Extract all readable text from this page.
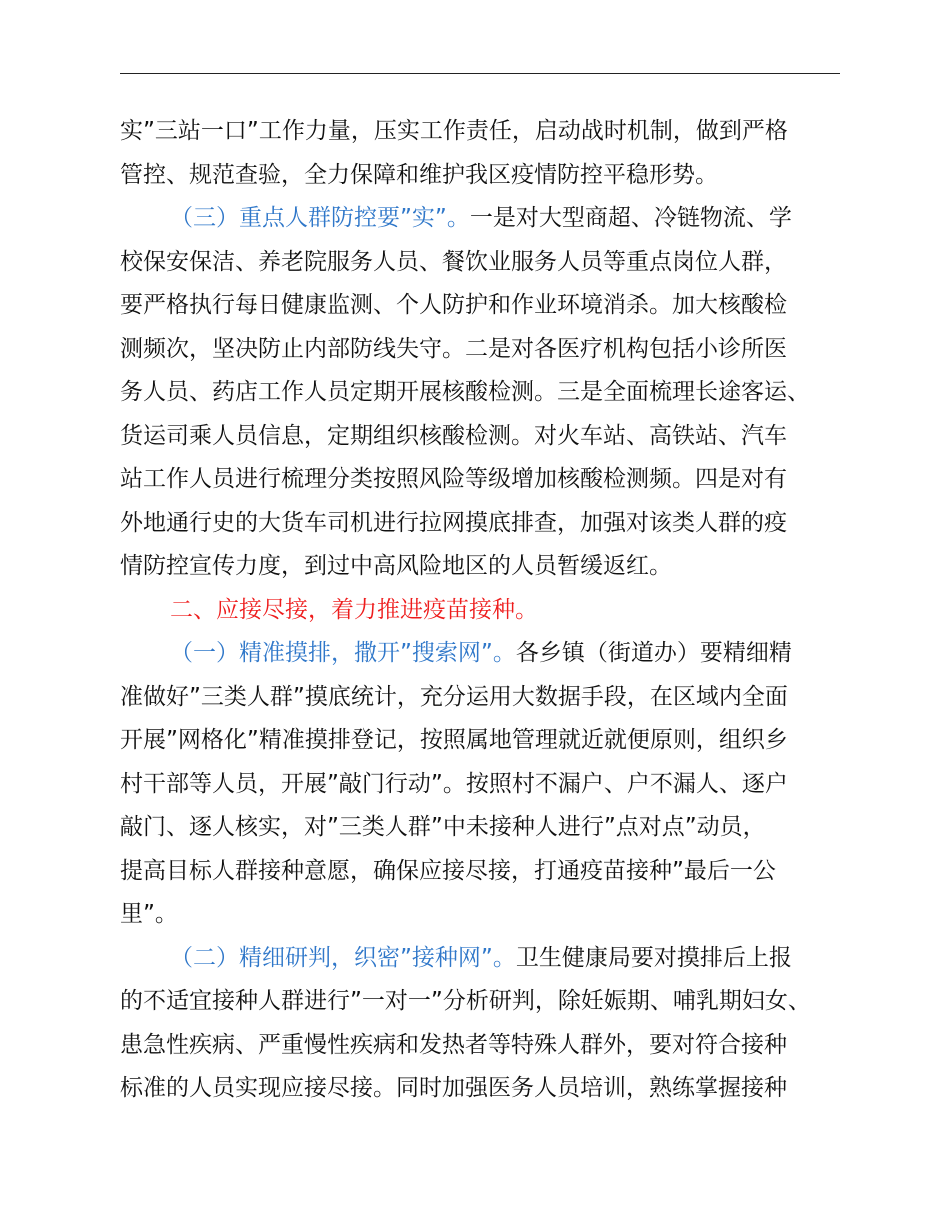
实”三站一口”工作力量，压实工作责任，启动战时机制，做到严格
管控、规范查验，全力保障和维护我区疫情防控平稳形势。
（三）重点人群防控要”实”。一是对大型商超、冷链物流、学
校保安保洁、养老院服务人员、餐饮业服务人员等重点岗位人群，
要严格执行每日健康监测、个人防护和作业环境消杀。加大核酸检
测频次，坚决防止内部防线失守。二是对各医疗机构包括小诊所医
务人员、药店工作人员定期开展核酸检测。三是全面梳理长途客运、
货运司乘人员信息，定期组织核酸检测。对火车站、高铁站、汽车
站工作人员进行梳理分类按照风险等级增加核酸检测频。四是对有
外地通行史的大货车司机进行拉网摸底排查，加强对该类人群的疫
情防控宣传力度，到过中高风险地区的人员暂缓返红。
二、应接尽接，着力推进疫苗接种。
（一）精准摸排，撒开”搜索网”。各乡镇（街道办）要精细精
准做好”三类人群”摸底统计，充分运用大数据手段，在区域内全面
开展”网格化”精准摸排登记，按照属地管理就近就便原则，组织乡
村干部等人员，开展”敲门行动”。按照村不漏户、户不漏人、逐户
敲门、逐人核实，对”三类人群”中未接种人进行”点对点”动员，
提高目标人群接种意愿，确保应接尽接，打通疫苗接种”最后一公
里”。
（二）精细研判，织密”接种网”。卫生健康局要对摸排后上报
的不适宜接种人群进行”一对一”分析研判，除妊娠期、哺乳期妇女、
患急性疾病、严重慢性疾病和发热者等特殊人群外，要对符合接种
标准的人员实现应接尽接。同时加强医务人员培训，熟练掌握接种
